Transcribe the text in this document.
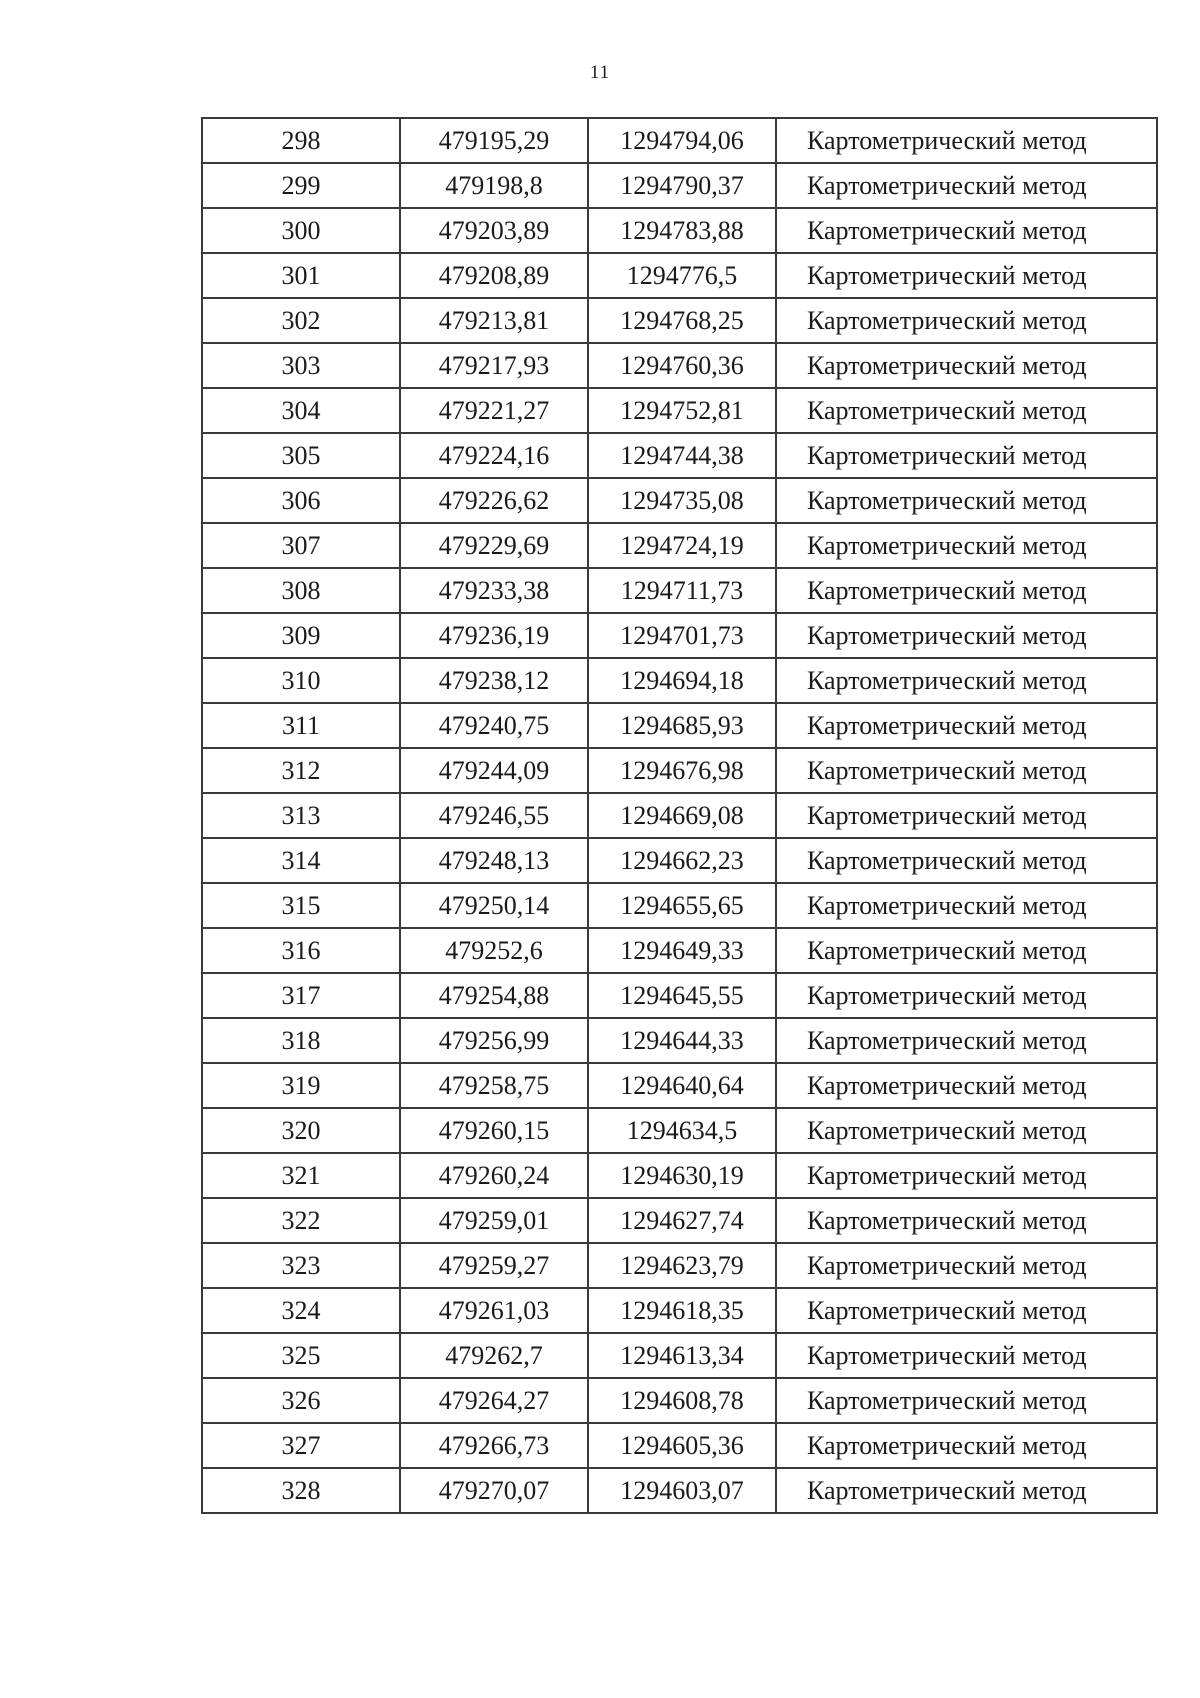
11
298	479195,29	1294794,06	Картометрический метод
299	479198,8	1294790,37	Картометрический метод
300	479203,89	1294783,88	Картометрический метод
301	479208,89	1294776,5	Картометрический метод
302	479213,81	1294768,25	Картометрический метод
303	479217,93	1294760,36	Картометрический метод
304	479221,27	1294752,81	Картометрический метод
305	479224,16	1294744,38	Картометрический метод
306	479226,62	1294735,08	Картометрический метод
307	479229,69	1294724,19	Картометрический метод
308	479233,38	1294711,73	Картометрический метод
309	479236,19	1294701,73	Картометрический метод
310	479238,12	1294694,18	Картометрический метод
311	479240,75	1294685,93	Картометрический метод
312	479244,09	1294676,98	Картометрический метод
313	479246,55	1294669,08	Картометрический метод
314	479248,13	1294662,23	Картометрический метод
315	479250,14	1294655,65	Картометрический метод
316	479252,6	1294649,33	Картометрический метод
317	479254,88	1294645,55	Картометрический метод
318	479256,99	1294644,33	Картометрический метод
319	479258,75	1294640,64	Картометрический метод
320	479260,15	1294634,5	Картометрический метод
321	479260,24	1294630,19	Картометрический метод
322	479259,01	1294627,74	Картометрический метод
323	479259,27	1294623,79	Картометрический метод
324	479261,03	1294618,35	Картометрический метод
325	479262,7	1294613,34	Картометрический метод
326	479264,27	1294608,78	Картометрический метод
327	479266,73	1294605,36	Картометрический метод
328	479270,07	1294603,07	Картометрический метод
